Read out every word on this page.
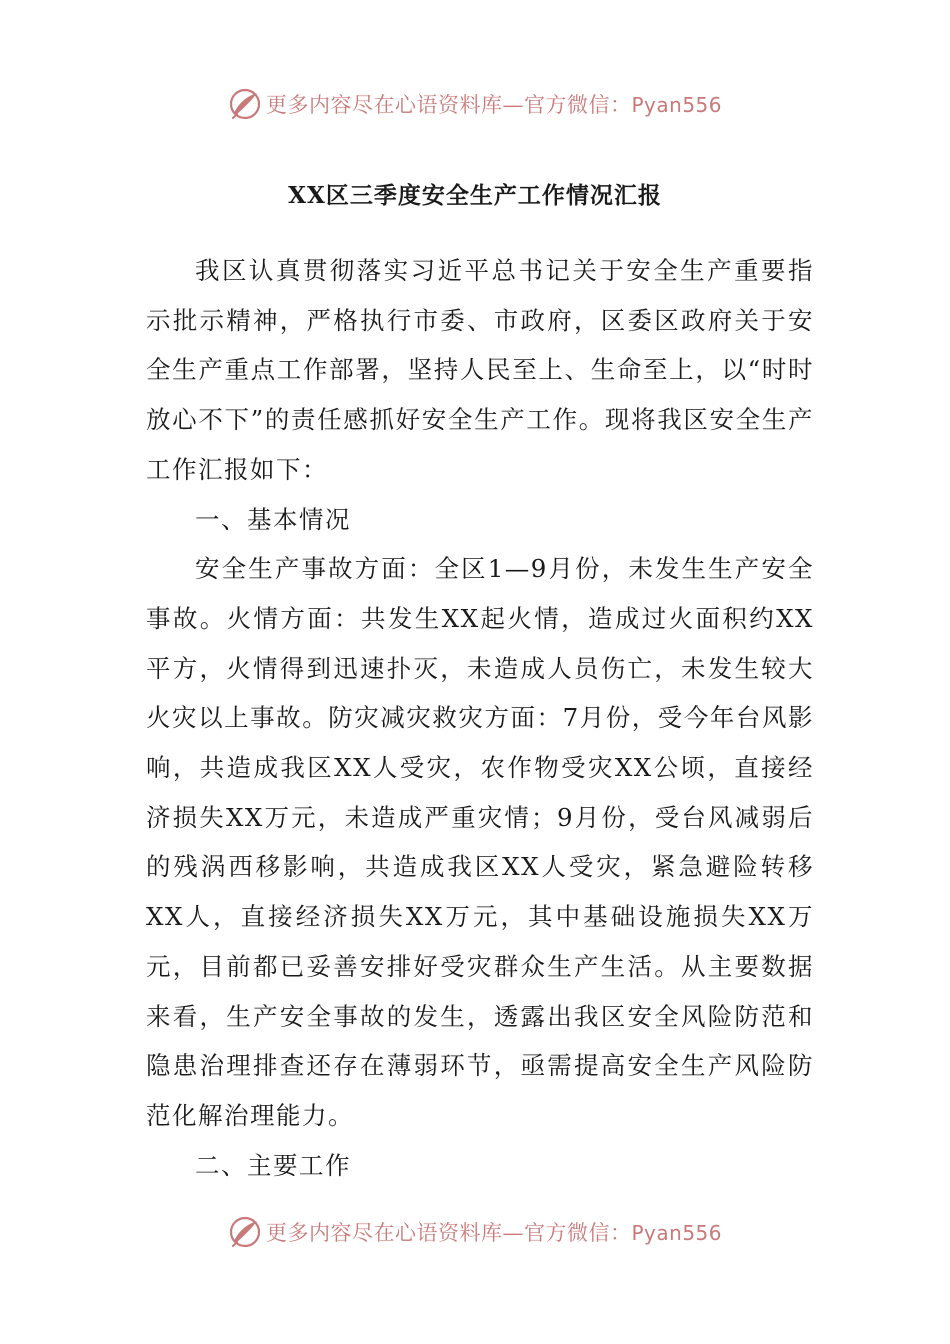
更多内容尽在心语资料库—官方微信：Pyan556
XX区三季度安全生产工作情况汇报

我区认真贯彻落实习近平总书记关于安全生产重要指示批示精神，严格执行市委、市政府，区委区政府关于安全生产重点工作部署，坚持人民至上、生命至上，以“时时放心不下”的责任感抓好安全生产工作。现将我区安全生产工作汇报如下：

一、基本情况

安全生产事故方面：全区1—9月份，未发生生产安全事故。火情方面：共发生XX起火情，造成过火面积约XX平方，火情得到迅速扑灭，未造成人员伤亡，未发生较大火灾以上事故。防灾减灾救灾方面：7月份，受今年台风影响，共造成我区XX人受灾，农作物受灾XX公顷，直接经济损失XX万元，未造成严重灾情；9月份，受台风减弱后的残涡西移影响，共造成我区XX人受灾，紧急避险转移XX人，直接经济损失XX万元，其中基础设施损失XX万元，目前都已妥善安排好受灾群众生产生活。从主要数据来看，生产安全事故的发生，透露出我区安全风险防范和隐患治理排查还存在薄弱环节，亟需提高安全生产风险防范化解治理能力。

二、主要工作

更多内容尽在心语资料库—官方微信：Pyan556
